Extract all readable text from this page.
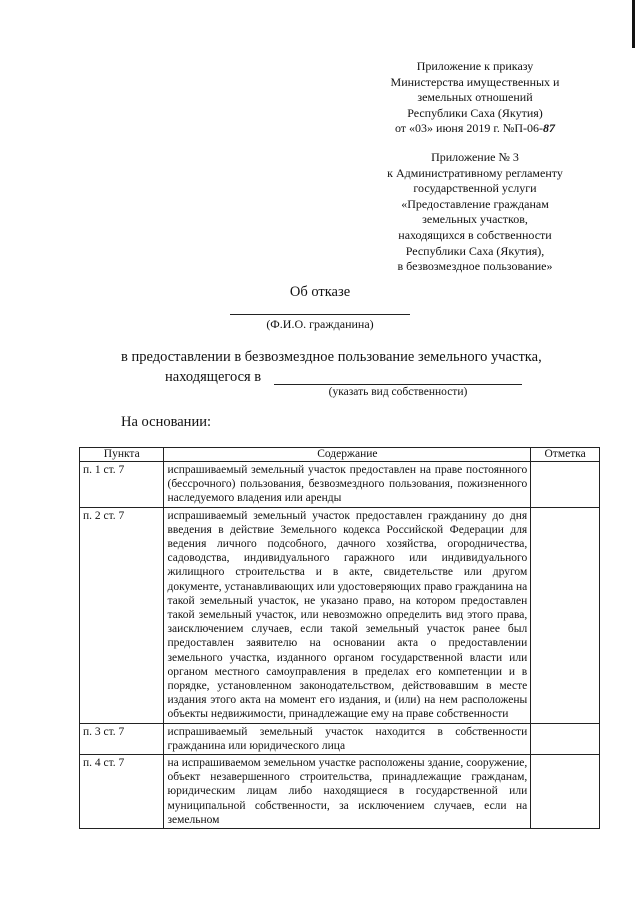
Приложение к приказу
Министерства имущественных и
земельных отношений
Республики Саха (Якутия)
от «03» июня 2019 г. №П-06-87
Приложение № 3
к Административному регламенту
государственной услуги
«Предоставление гражданам
земельных участков,
находящихся в собственности
Республики Саха (Якутия),
в безвозмездное пользование»
Об отказе
(Ф.И.О. гражданина)
в предоставлении в безвозмездное пользование земельного участка,
находящегося в
(указать вид собственности)
На основании:
Пункта	Содержание	Отметка
п. 1 ст. 7	испрашиваемый земельный участок предоставлен на праве постоянного (бессрочного) пользования, безвозмездного пользования, пожизненного наследуемого владения или аренды	
п. 2 ст. 7	испрашиваемый земельный участок предоставлен гражданину до дня введения в действие Земельного кодекса Российской Федерации для ведения личного подсобного, дачного хозяйства, огородничества, садоводства, индивидуального гаражного или индивидуального жилищного строительства и в акте, свидетельстве или другом документе, устанавливающих или удостоверяющих право гражданина на такой земельный участок, не указано право, на котором предоставлен такой земельный участок, или невозможно определить вид этого права, заисключением случаев, если такой земельный участок ранее был предоставлен заявителю на основании акта о предоставлении земельного участка, изданного органом государственной власти или органом местного самоуправления в пределах его компетенции и в порядке, установленном законодательством, действовавшим в месте издания этого акта на момент его издания, и (или) на нем расположены объекты недвижимости, принадлежащие ему на праве собственности	
п. 3 ст. 7	испрашиваемый земельный участок находится в собственности гражданина или юридического лица	
п. 4 ст. 7	на испрашиваемом земельном участке расположены здание, сооружение, объект незавершенного строительства, принадлежащие гражданам, юридическим лицам либо находящиеся в государственной или муниципальной собственности, за исключением случаев, если на земельном	
